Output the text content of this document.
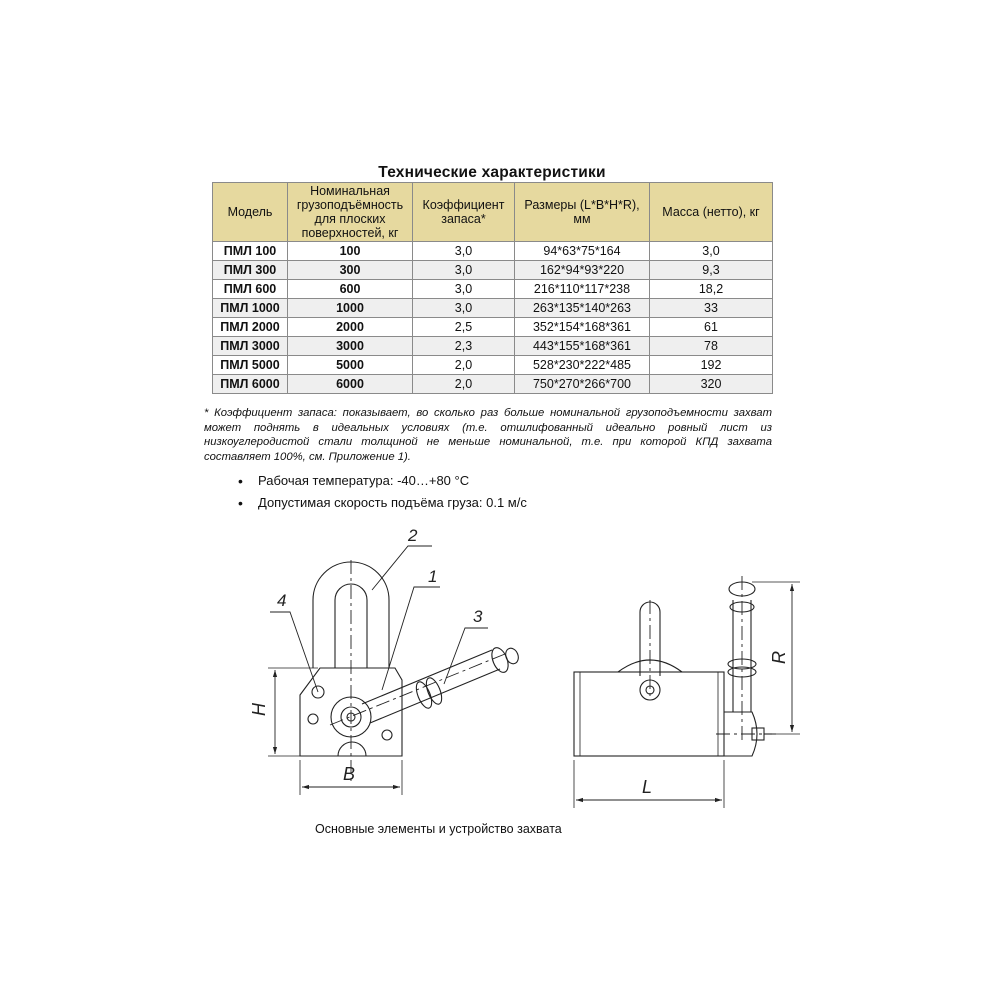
Технические характеристики
Модель	Номинальная грузоподъёмность для плоских поверхностей, кг	Коэффициент запаса*	Размеры (L*B*H*R), мм	Масса (нетто), кг
ПМЛ 100	100	3,0	94*63*75*164	3,0
ПМЛ 300	300	3,0	162*94*93*220	9,3
ПМЛ 600	600	3,0	216*110*117*238	18,2
ПМЛ 1000	1000	3,0	263*135*140*263	33
ПМЛ 2000	2000	2,5	352*154*168*361	61
ПМЛ 3000	3000	2,3	443*155*168*361	78
ПМЛ 5000	5000	2,0	528*230*222*485	192
ПМЛ 6000	6000	2,0	750*270*266*700	320
* Коэффициент запаса: показывает, во сколько раз больше номинальной грузоподъемности захват может поднять в идеальных условиях (т.е. отшлифованный идеально ровный лист из низкоуглеродистой стали толщиной не меньше номинальной, т.е. при которой КПД захвата составляет 100%, см. Приложение 1).
• Рабочая температура: -40…+80 °С
• Допустимая скорость подъёма груза: 0.1 м/с
1
2
3
4
H
B
L
R
Основные элементы и устройство захвата
